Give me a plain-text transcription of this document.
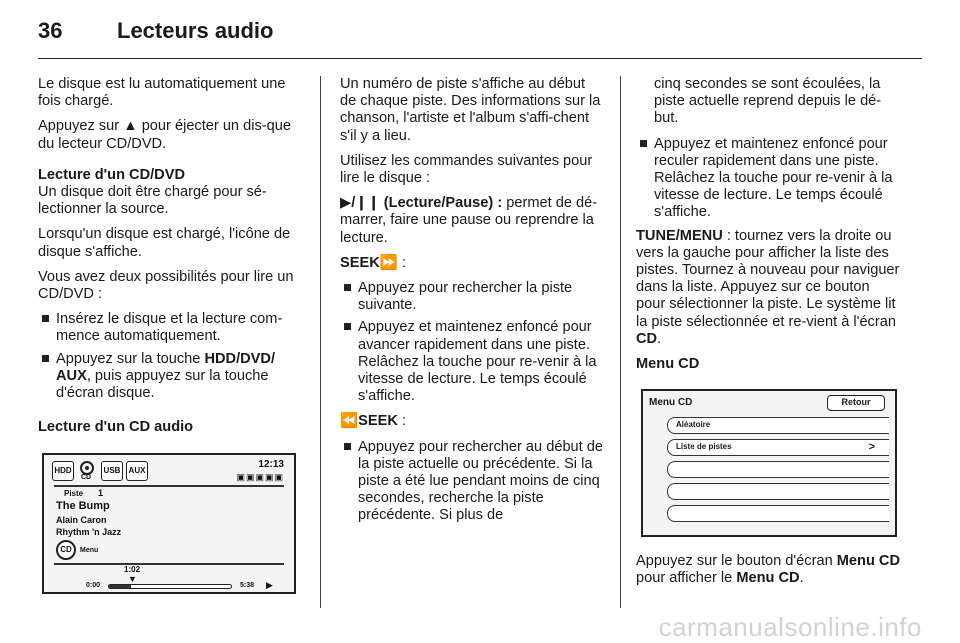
36 Lecteurs audio

Le disque est lu automatiquement une fois chargé.

Appuyez sur ▲ pour éjecter un dis-que du lecteur CD/DVD.

Lecture d'un CD/DVD

Un disque doit être chargé pour sé-lectionner la source.

Lorsqu'un disque est chargé, l'icône de disque s'affiche.

Vous avez deux possibilités pour lire un CD/DVD :

Insérez le disque et la lecture com-mence automatiquement.
Appuyez sur la touche HDD/DVD/ AUX, puis appuyez sur la touche d'écran disque.

Lecture d'un CD audio

HDD
CD
USB	AUX
12:13
▣▣▣▣▣
Piste 1
The Bump
Alain Caron
Rhythm 'n Jazz
CD	Menu
1:02
▼
0:00	5:38 ▶

Un numéro de piste s'affiche au début de chaque piste. Des informations sur la chanson, l'artiste et l'album s'affi-chent s'il y a lieu.

Utilisez les commandes suivantes pour lire le disque :

▶/❙❙ (Lecture/Pause) : permet de dé-marrer, faire une pause ou reprendre la lecture.

SEEK⏩ :

Appuyez pour rechercher la piste suivante.
Appuyez et maintenez enfoncé pour avancer rapidement dans une piste. Relâchez la touche pour re-venir à la vitesse de lecture. Le temps écoulé s'affiche.

⏪SEEK :

Appuyez pour rechercher au début de la piste actuelle ou précédente. Si la piste a été lue pendant moins de cinq secondes, recherche la piste précédente. Si plus de

cinq secondes se sont écoulées, la piste actuelle reprend depuis le dé-but.

Appuyez et maintenez enfoncé pour reculer rapidement dans une piste. Relâchez la touche pour re-venir à la vitesse de lecture. Le temps écoulé s'affiche.

TUNE/MENU : tournez vers la droite ou vers la gauche pour afficher la liste des pistes. Tournez à nouveau pour naviguer dans la liste. Appuyez sur ce bouton pour sélectionner la piste. Le système lit la piste sélectionnée et re-vient à l'écran CD.

Menu CD

Menu CD	Retour
Aléatoire
Liste de pistes	>

Appuyez sur le bouton d'écran Menu CD pour afficher le Menu CD.

carmanualsonline.info
